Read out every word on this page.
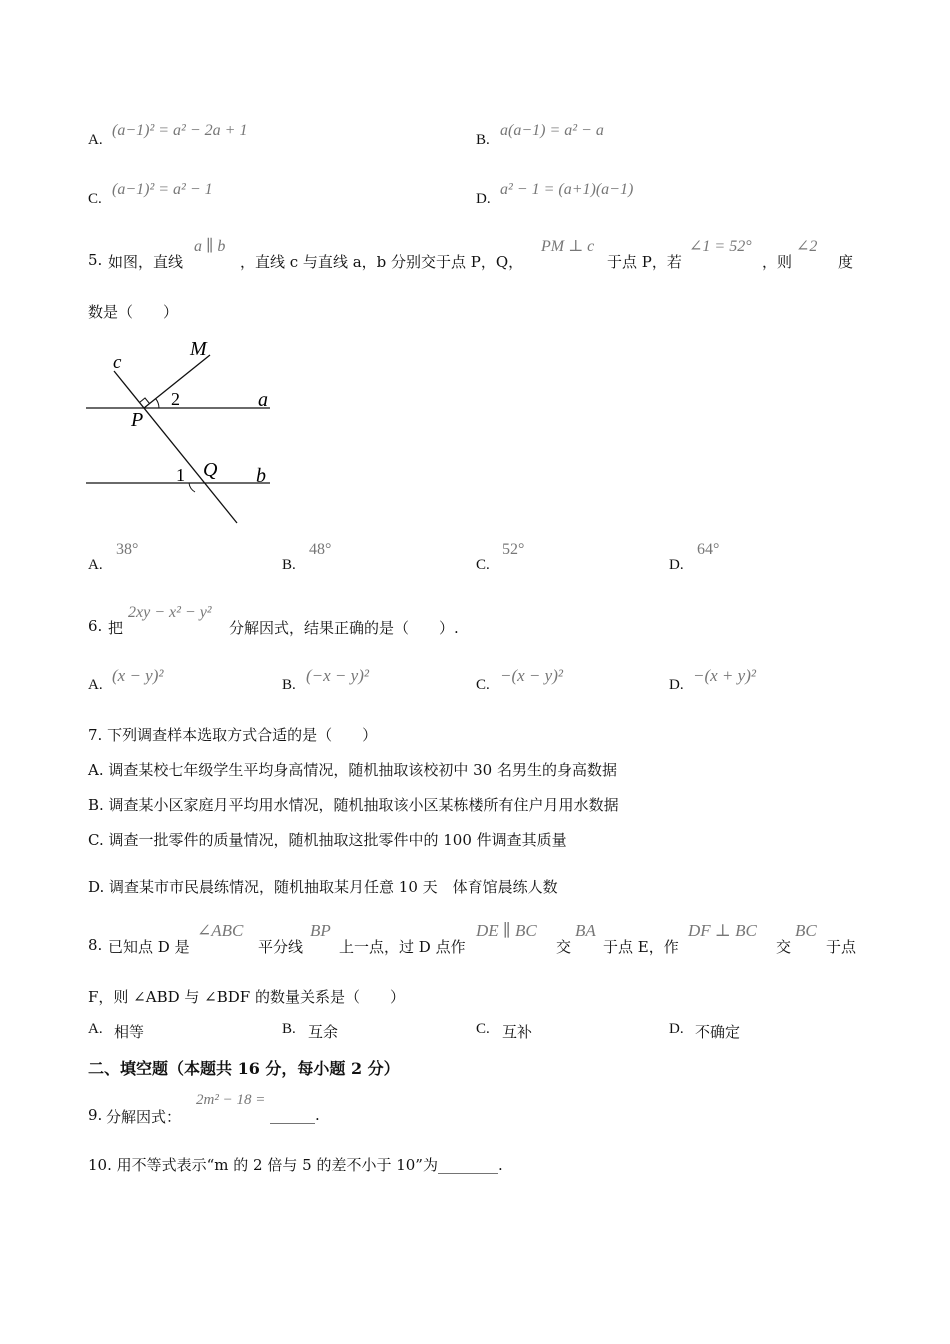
A.
(a−1)² = a² − 2a + 1
B.
a(a−1) = a² − a
C.
(a−1)² = a² − 1
D.
a² − 1 = (a+1)(a−1)
5. 如图，直线
a ∥ b
，直线 c 与直线 a，b 分别交于点 P，Q，
PM ⊥ c
于点 P，若
∠1 = 52°
，则
∠2
度
数是（　　）
c
M
2	a
P
1 Q b
A.
38°
B.
48°
C.
52°
D.
64°
6. 把
2xy − x² − y²
分解因式，结果正确的是（　　）.
A. (x − y)²	B. (−x − y)²	C. −(x − y)²	D. −(x + y)²
7. 下列调查样本选取方式合适的是（　　）
A. 调查某校七年级学生平均身高情况，随机抽取该校初中 30 名男生的身高数据
B. 调查某小区家庭月平均用水情况，随机抽取该小区某栋楼所有住户月用水数据
C. 调查一批零件的质量情况，随机抽取这批零件中的 100 件调查其质量
D. 调查某市市民晨练情况，随机抽取某月任意 10 天　体育馆晨练人数
8. 已知点 D 是
∠ABC
平分线
BP
上一点，过 D 点作
DE ∥ BC
交
BA
于点 E，作
DF ⊥ BC
交
BC
于点
F，则 ∠ABD 与 ∠BDF 的数量关系是（　　）
A. 相等	B. 互余	C. 互补	D. 不确定
二、填空题（本题共 16 分，每小题 2 分）
9. 分解因式：
2m² − 18 =
______.
10. 用不等式表示“m 的 2 倍与 5 的差不小于 10”为________.
